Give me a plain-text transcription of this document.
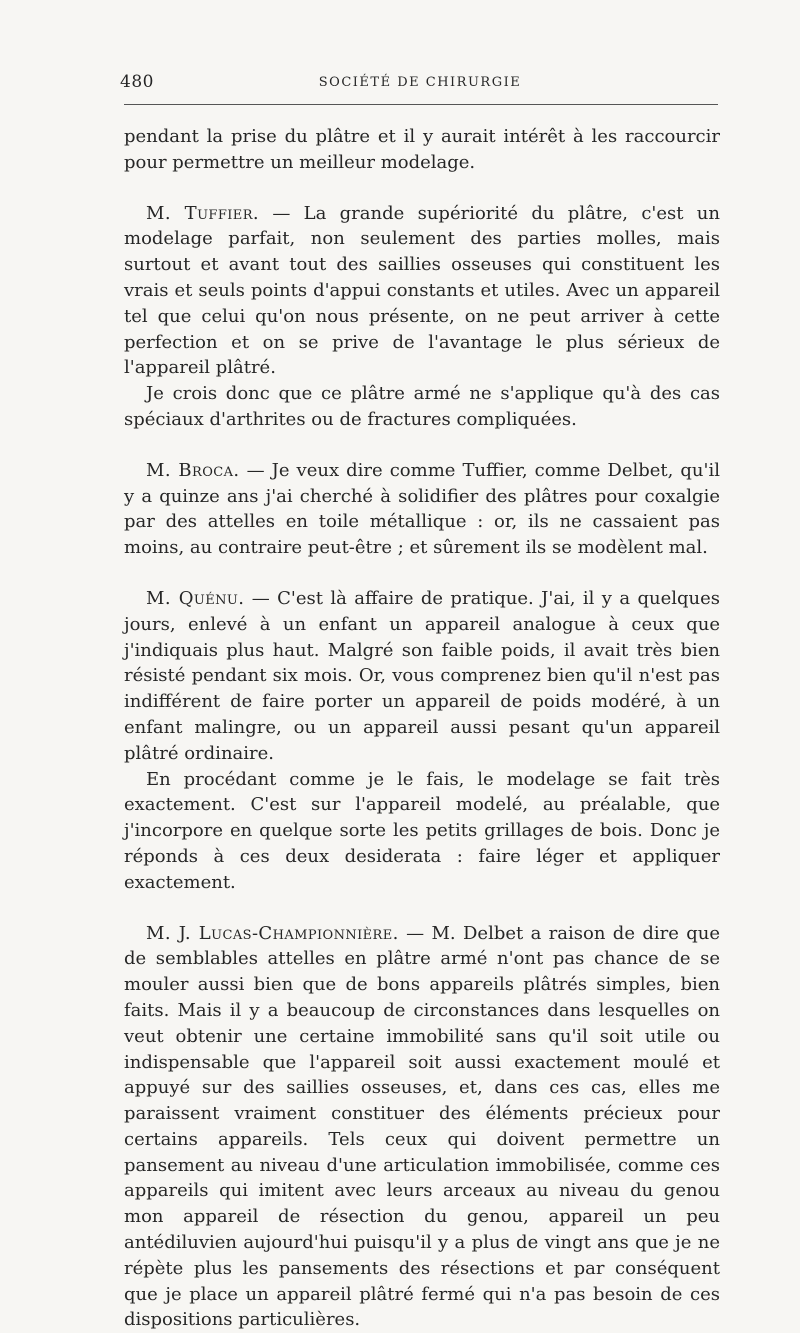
480	SOCIÉTÉ DE CHIRURGIE

pendant la prise du plâtre et il y aurait intérêt à les raccourcir pour permettre un meilleur modelage.

M. Tuffier. — La grande supériorité du plâtre, c'est un modelage parfait, non seulement des parties molles, mais surtout et avant tout des saillies osseuses qui constituent les vrais et seuls points d'appui constants et utiles. Avec un appareil tel que celui qu'on nous présente, on ne peut arriver à cette perfection et on se prive de l'avantage le plus sérieux de l'appareil plâtré.

Je crois donc que ce plâtre armé ne s'applique qu'à des cas spéciaux d'arthrites ou de fractures compliquées.

M. Broca. — Je veux dire comme Tuffier, comme Delbet, qu'il y a quinze ans j'ai cherché à solidifier des plâtres pour coxalgie par des attelles en toile métallique : or, ils ne cassaient pas moins, au contraire peut-être ; et sûrement ils se modèlent mal.

M. Quénu. — C'est là affaire de pratique. J'ai, il y a quelques jours, enlevé à un enfant un appareil analogue à ceux que j'indiquais plus haut. Malgré son faible poids, il avait très bien résisté pendant six mois. Or, vous comprenez bien qu'il n'est pas indifférent de faire porter un appareil de poids modéré, à un enfant malingre, ou un appareil aussi pesant qu'un appareil plâtré ordinaire.

En procédant comme je le fais, le modelage se fait très exactement. C'est sur l'appareil modelé, au préalable, que j'incorpore en quelque sorte les petits grillages de bois. Donc je réponds à ces deux desiderata : faire léger et appliquer exactement.

M. J. Lucas-Championnière. — M. Delbet a raison de dire que de semblables attelles en plâtre armé n'ont pas chance de se mouler aussi bien que de bons appareils plâtrés simples, bien faits. Mais il y a beaucoup de circonstances dans lesquelles on veut obtenir une certaine immobilité sans qu'il soit utile ou indispensable que l'appareil soit aussi exactement moulé et appuyé sur des saillies osseuses, et, dans ces cas, elles me paraissent vraiment constituer des éléments précieux pour certains appareils. Tels ceux qui doivent permettre un pansement au niveau d'une articulation immobilisée, comme ces appareils qui imitent avec leurs arceaux au niveau du genou mon appareil de résection du genou, appareil un peu antédiluvien aujourd'hui puisqu'il y a plus de vingt ans que je ne répète plus les pansements des résections et par conséquent que je place un appareil plâtré fermé qui n'a pas besoin de ces dispositions particulières.
